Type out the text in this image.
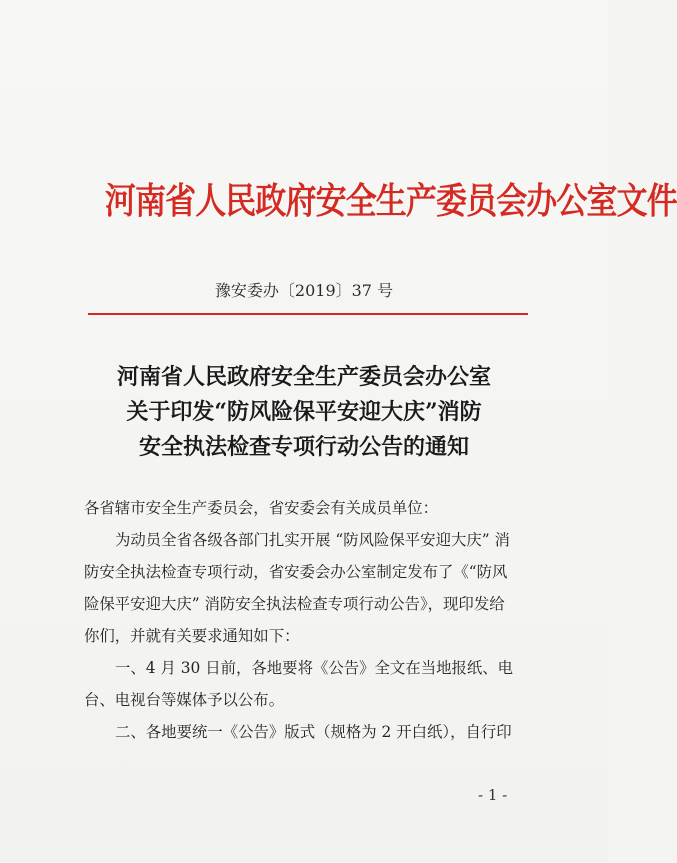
河南省人民政府安全生产委员会办公室文件
豫安委办〔2019〕37 号
河南省人民政府安全生产委员会办公室
关于印发“防风险保平安迎大庆”消防
安全执法检查专项行动公告的通知
各省辖市安全生产委员会，省安委会有关成员单位：
为动员全省各级各部门扎实开展 “防风险保平安迎大庆” 消
防安全执法检查专项行动，省安委会办公室制定发布了《“防风
险保平安迎大庆” 消防安全执法检查专项行动公告》，现印发给
你们，并就有关要求通知如下：
一、4 月 30 日前，各地要将《公告》全文在当地报纸、电
台、电视台等媒体予以公布。
二、各地要统一《公告》版式（规格为 2 开白纸），自行印
- 1 -
